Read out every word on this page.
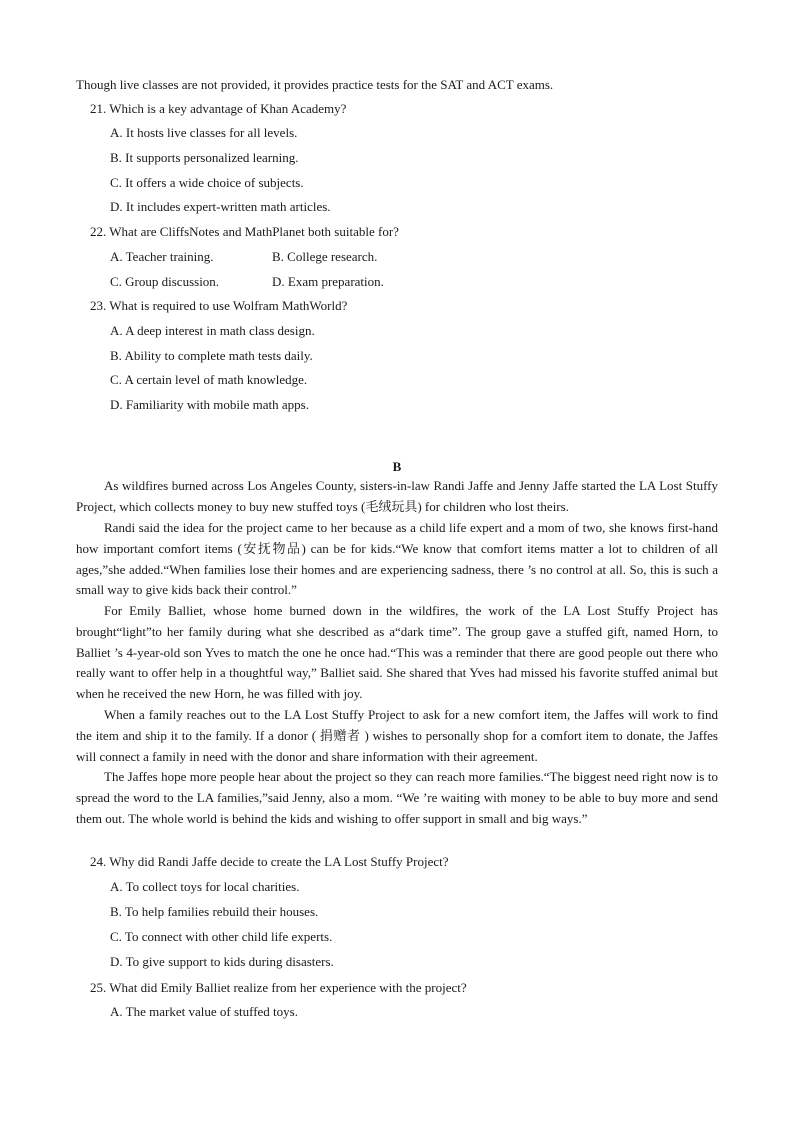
Though live classes are not provided, it provides practice tests for the SAT and ACT exams.
21. Which is a key advantage of Khan Academy?
A. It hosts live classes for all levels.
B. It supports personalized learning.
C. It offers a wide choice of subjects.
D. It includes expert-written math articles.
22. What are CliffsNotes and MathPlanet both suitable for?
A. Teacher training.	B. College research.
C. Group discussion.	D. Exam preparation.
23. What is required to use Wolfram MathWorld?
A. A deep interest in math class design.
B. Ability to complete math tests daily.
C. A certain level of math knowledge.
D. Familiarity with mobile math apps.
B
As wildfires burned across Los Angeles County, sisters-in-law Randi Jaffe and Jenny Jaffe started the LA Lost Stuffy Project, which collects money to buy new stuffed toys (毛绒玩具) for children who lost theirs.
Randi said the idea for the project came to her because as a child life expert and a mom of two, she knows first-hand how important comfort items (安抚物品) can be for kids.“We know that comfort items matter a lot to children of all ages,”she added.“When families lose their homes and are experiencing sadness, there ’s no control at all. So, this is such a small way to give kids back their control.”
For Emily Balliet, whose home burned down in the wildfires, the work of the LA Lost Stuffy Project has brought“light”to her family during what she described as a“dark time”. The group gave a stuffed gift, named Horn, to Balliet ’s 4-year-old son Yves to match the one he once had.“This was a reminder that there are good people out there who really want to offer help in a thoughtful way,” Balliet said. She shared that Yves had missed his favorite stuffed animal but when he received the new Horn, he was filled with joy.
When a family reaches out to the LA Lost Stuffy Project to ask for a new comfort item, the Jaffes will work to find the item and ship it to the family. If a donor ( 捐赠者 ) wishes to personally shop for a comfort item to donate, the Jaffes will connect a family in need with the donor and share information with their agreement.
The Jaffes hope more people hear about the project so they can reach more families.“The biggest need right now is to spread the word to the LA families,”said Jenny, also a mom. “We ’re waiting with money to be able to buy more and send them out. The whole world is behind the kids and wishing to offer support in small and big ways.”
24. Why did Randi Jaffe decide to create the LA Lost Stuffy Project?
A. To collect toys for local charities.
B. To help families rebuild their houses.
C. To connect with other child life experts.
D. To give support to kids during disasters.
25. What did Emily Balliet realize from her experience with the project?
A. The market value of stuffed toys.
